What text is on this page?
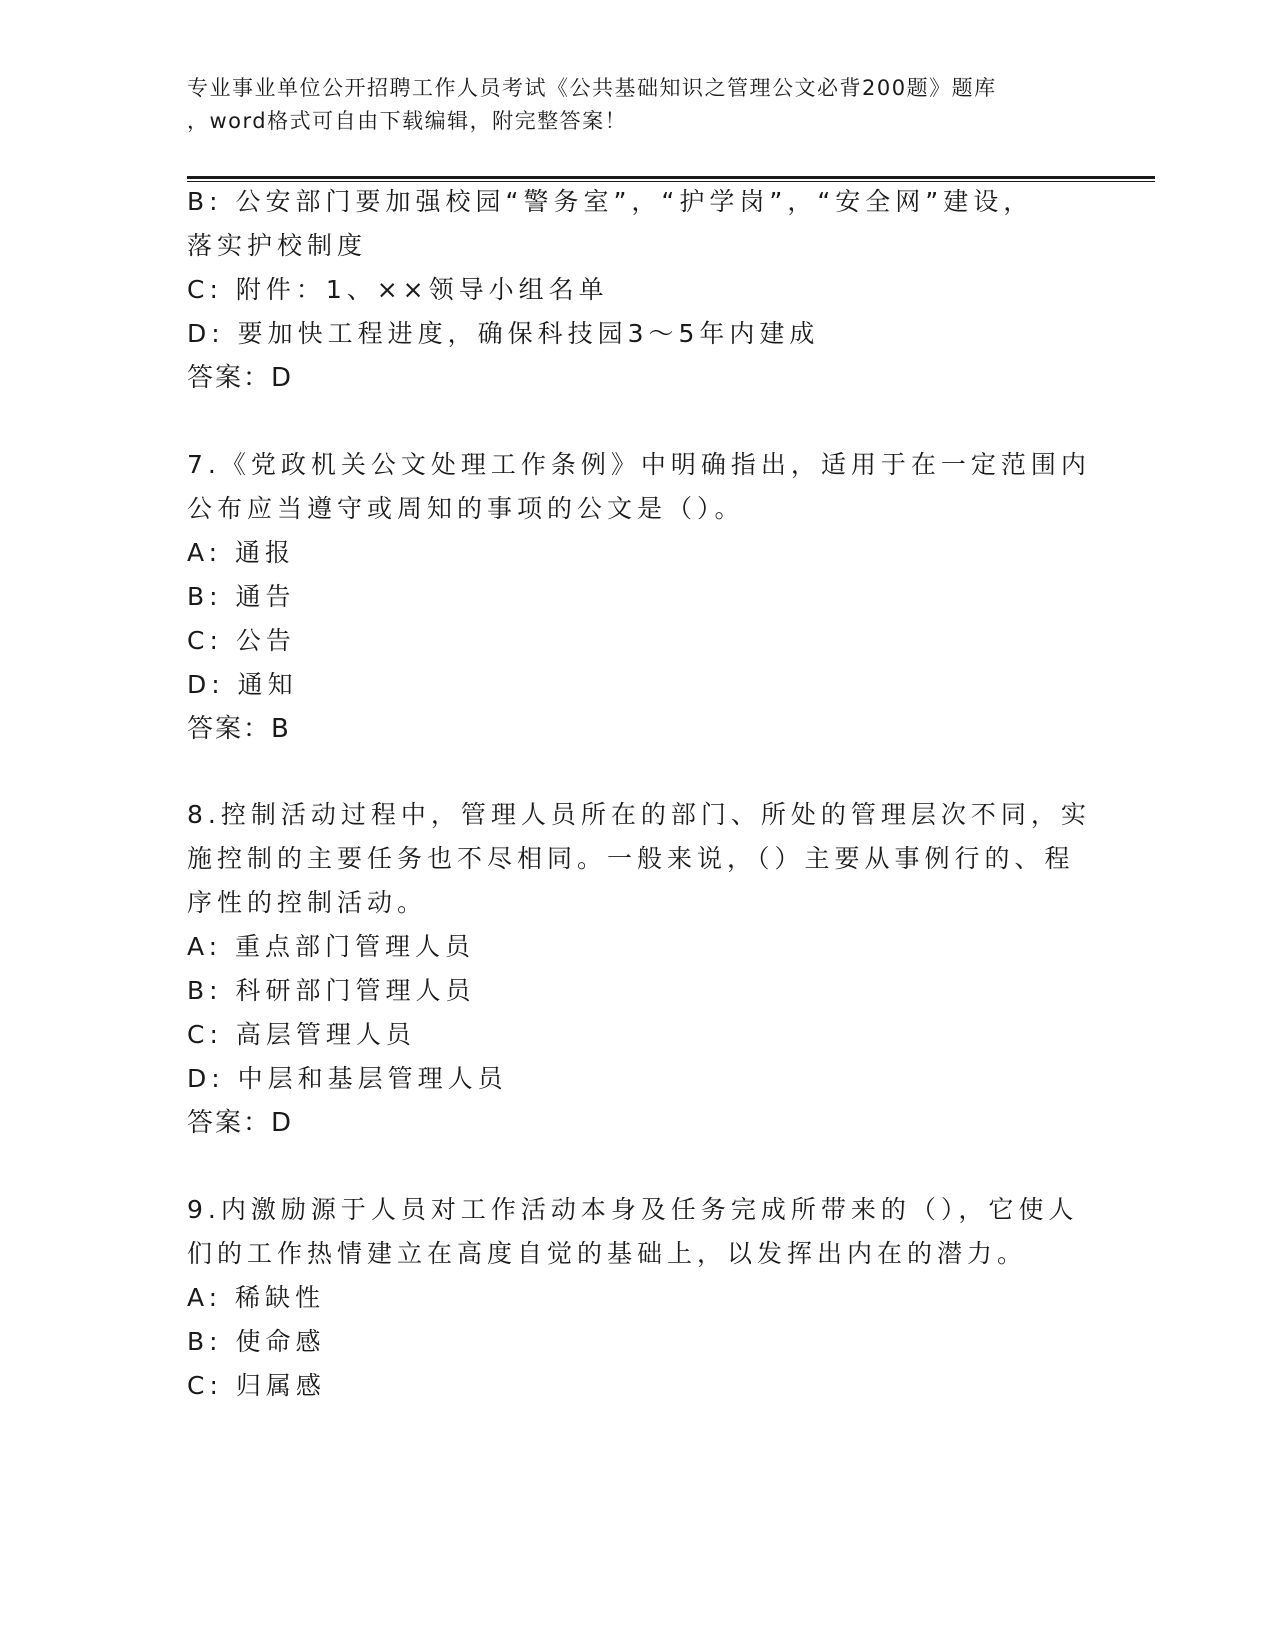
专业事业单位公开招聘工作人员考试《公共基础知识之管理公文必背200题》题库
，word格式可自由下载编辑，附完整答案！
B: 公安部门要加强校园“警务室”，“护学岗”，“安全网”建设，
落实护校制度
C: 附件：1、××领导小组名单
D: 要加快工程进度，确保科技园3～5年内建成
答案：D
7.《党政机关公文处理工作条例》中明确指出，适用于在一定范围内
公布应当遵守或周知的事项的公文是（）。
A: 通报
B: 通告
C: 公告
D: 通知
答案：B
8.控制活动过程中，管理人员所在的部门、所处的管理层次不同，实
施控制的主要任务也不尽相同。一般来说，（）主要从事例行的、程
序性的控制活动。
A: 重点部门管理人员
B: 科研部门管理人员
C: 高层管理人员
D: 中层和基层管理人员
答案：D
9.内激励源于人员对工作活动本身及任务完成所带来的（），它使人
们的工作热情建立在高度自觉的基础上，以发挥出内在的潜力。
A: 稀缺性
B: 使命感
C: 归属感
